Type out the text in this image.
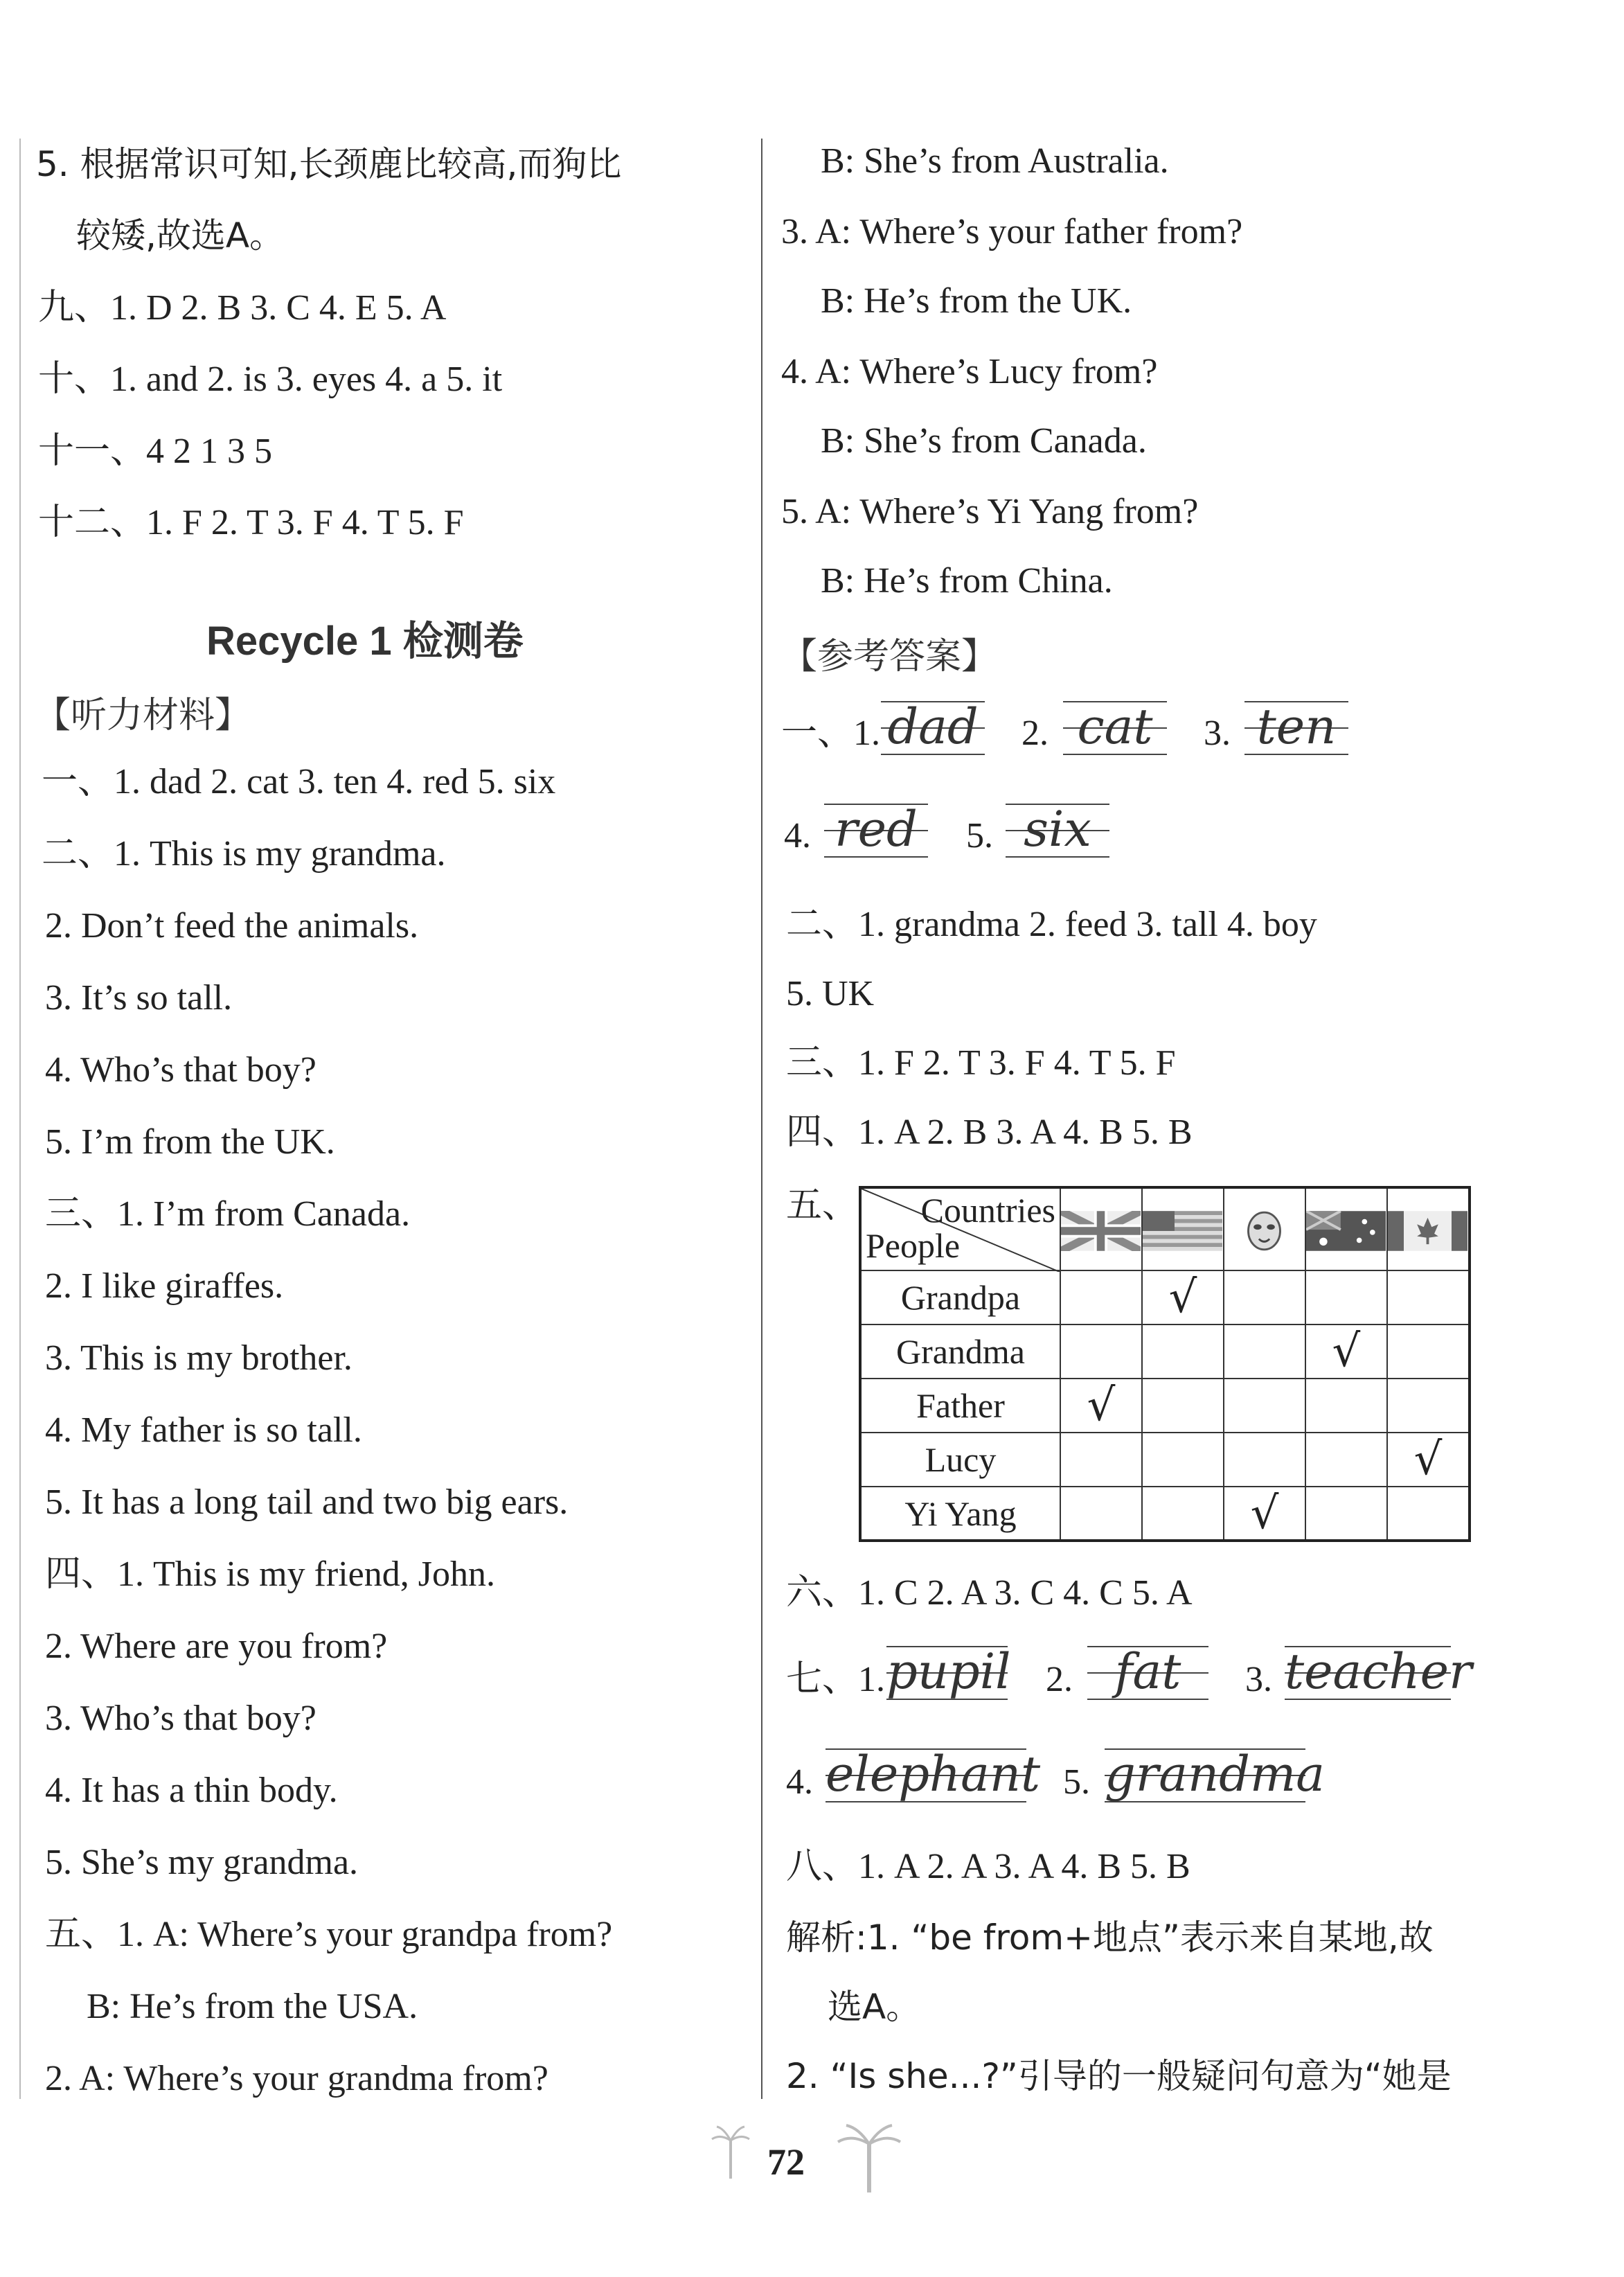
5. 根据常识可知,长颈鹿比较高,而狗比
较矮,故选A。
九、1. D 2. B 3. C 4. E 5. A
十、1. and 2. is 3. eyes 4. a 5. it
十一、4 2 1 3 5
十二、1. F 2. T 3. F 4. T 5. F
Recycle 1 检测卷
【听力材料】
一、1. dad 2. cat 3. ten 4. red 5. six
二、1. This is my grandma.
2. Don’t feed the animals.
3. It’s so tall.
4. Who’s that boy?
5. I’m from the UK.
三、1. I’m from Canada.
2. I like giraffes.
3. This is my brother.
4. My father is so tall.
5. It has a long tail and two big ears.
四、1. This is my friend, John.
2. Where are you from?
3. Who’s that boy?
4. It has a thin body.
5. She’s my grandma.
五、1. A: Where’s your grandpa from?
B: He’s from the USA.
2. A: Where’s your grandma from?
B: She’s from Australia.
3. A: Where’s your father from?
B: He’s from the UK.
4. A: Where’s Lucy from?
B: She’s from Canada.
5. A: Where’s Yi Yang from?
B: He’s from China.
【参考答案】
一、1. dad 2. cat	3. ten
4. red 5. six
二、1. grandma 2. feed 3. tall 4. boy
5. UK
三、1. F 2. T 3. F 4. T 5. F
四、1. A 2. B 3. A 4. B 5. B
五、 Countries
People

Grandpa		√			
Grandma				√	
Father	√				
Lucy					√
Yi Yang			√		
六、1. C 2. A 3. C 4. C 5. A
七、1. pupil 2. fat	3. teacher
4. elephant 5. grandma
八、1. A 2. A 3. A 4. B 5. B
解析:1. “be from+地点”表示来自某地,故
选A。
2. “Is she...?”引导的一般疑问句意为“她是
72
